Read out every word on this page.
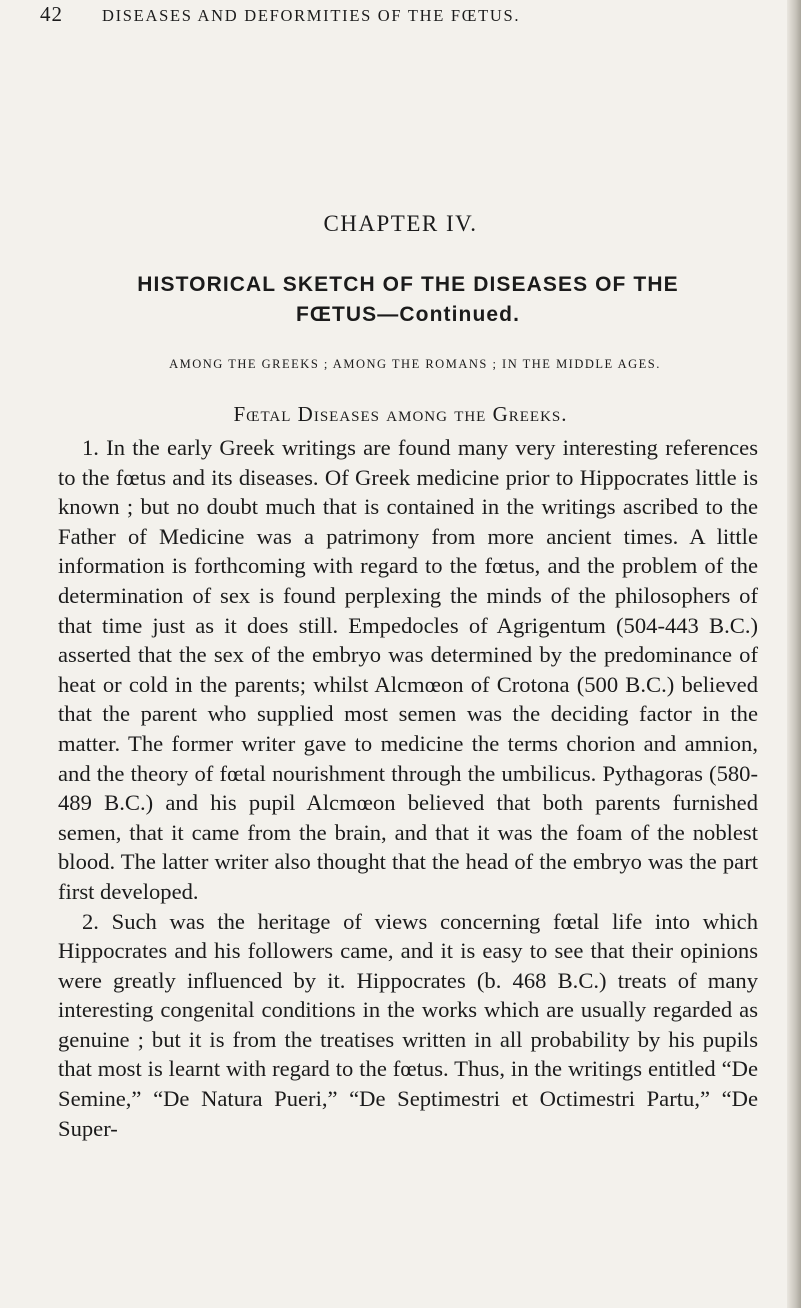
42 DISEASES AND DEFORMITIES OF THE FŒTUS.
CHAPTER IV.
HISTORICAL SKETCH OF THE DISEASES OF THE
FŒTUS—Continued.
AMONG THE GREEKS ; AMONG THE ROMANS ; IN THE MIDDLE AGES.
Fœtal Diseases among the Greeks.

1. In the early Greek writings are found many very interesting references to the fœtus and its diseases. Of Greek medicine prior to Hippocrates little is known ; but no doubt much that is contained in the writings ascribed to the Father of Medicine was a patrimony from more ancient times. A little information is forthcoming with regard to the fœtus, and the problem of the determination of sex is found perplexing the minds of the philosophers of that time just as it does still. Empedocles of Agrigentum (504-443 B.C.) asserted that the sex of the embryo was determined by the predominance of heat or cold in the parents; whilst Alcmœon of Crotona (500 B.C.) believed that the parent who supplied most semen was the deciding factor in the matter. The former writer gave to medicine the terms chorion and amnion, and the theory of fœtal nourishment through the umbilicus. Pythagoras (580-489 B.C.) and his pupil Alcmœon believed that both parents furnished semen, that it came from the brain, and that it was the foam of the noblest blood. The latter writer also thought that the head of the embryo was the part first developed.

2. Such was the heritage of views concerning fœtal life into which Hippocrates and his followers came, and it is easy to see that their opinions were greatly influenced by it. Hippocrates (b. 468 B.C.) treats of many interesting congenital conditions in the works which are usually regarded as genuine ; but it is from the treatises written in all probability by his pupils that most is learnt with regard to the fœtus. Thus, in the writings entitled “De Semine,” “De Natura Pueri,” “De Septimestri et Octimestri Partu,” “De Super-
